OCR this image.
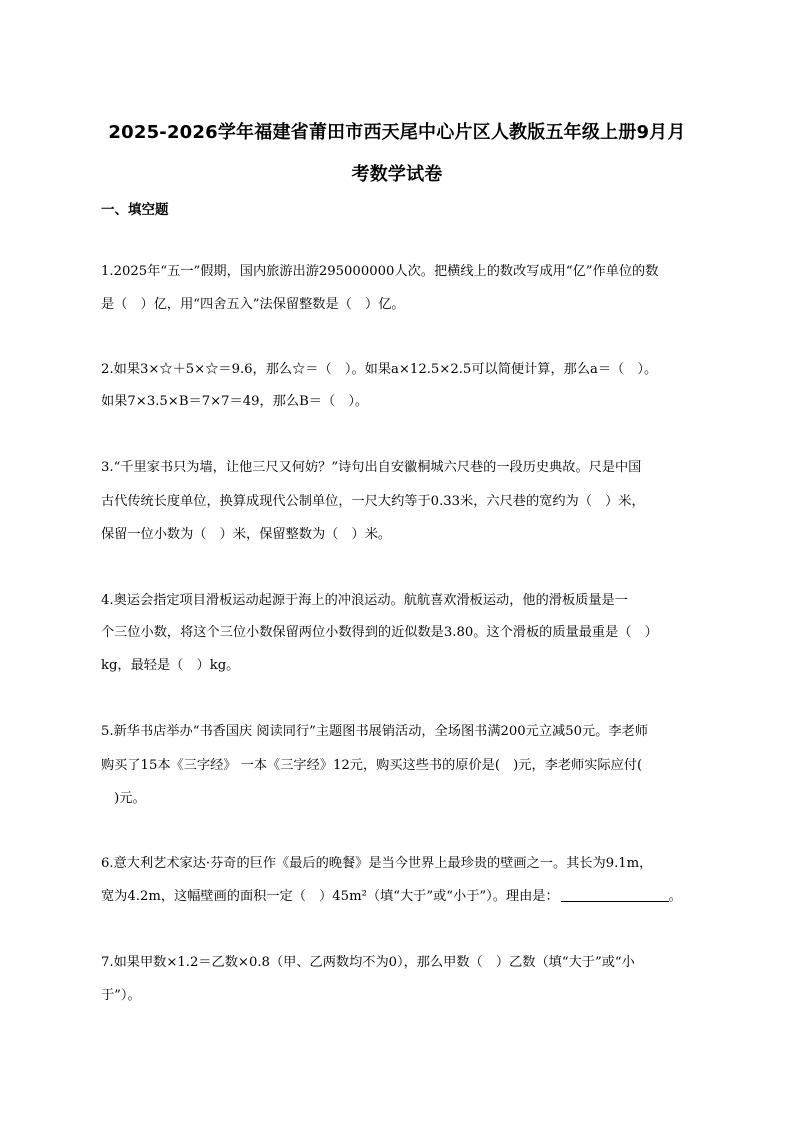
2025-2026学年福建省莆田市西天尾中心片区人教版五年级上册9月月
考数学试卷
一、填空题
1.2025年“五一”假期，国内旅游出游295000000人次。把横线上的数改写成用“亿”作单位的数
是（　）亿，用“四舍五入”法保留整数是（　）亿。
2.如果3×☆＋5×☆＝9.6，那么☆＝（　）。如果a×12.5×2.5可以简便计算，那么a＝（　）。
如果7×3.5×B＝7×7＝49，那么B＝（　）。
3.“千里家书只为墙，让他三尺又何妨？”诗句出自安徽桐城六尺巷的一段历史典故。尺是中国
古代传统长度单位，换算成现代公制单位，一尺大约等于0.33米，六尺巷的宽约为（　）米，
保留一位小数为（　）米，保留整数为（　）米。
4.奥运会指定项目滑板运动起源于海上的冲浪运动。航航喜欢滑板运动，他的滑板质量是一
个三位小数，将这个三位小数保留两位小数得到的近似数是3.80。这个滑板的质量最重是（　）
kg，最轻是（　）kg。
5.新华书店举办“书香国庆 阅读同行”主题图书展销活动，全场图书满200元立减50元。李老师
购买了15本《三字经》 一本《三字经》12元，购买这些书的原价是(　)元，李老师实际应付(
　)元。
6.意大利艺术家达·芬奇的巨作《最后的晚餐》是当今世界上最珍贵的壁画之一。其长为9.1m，
宽为4.2m，这幅壁画的面积一定（　）45m²（填“大于”或“小于”）。理由是：	。
7.如果甲数×1.2＝乙数×0.8（甲、乙两数均不为0），那么甲数（　）乙数（填“大于”或“小
于”）。
